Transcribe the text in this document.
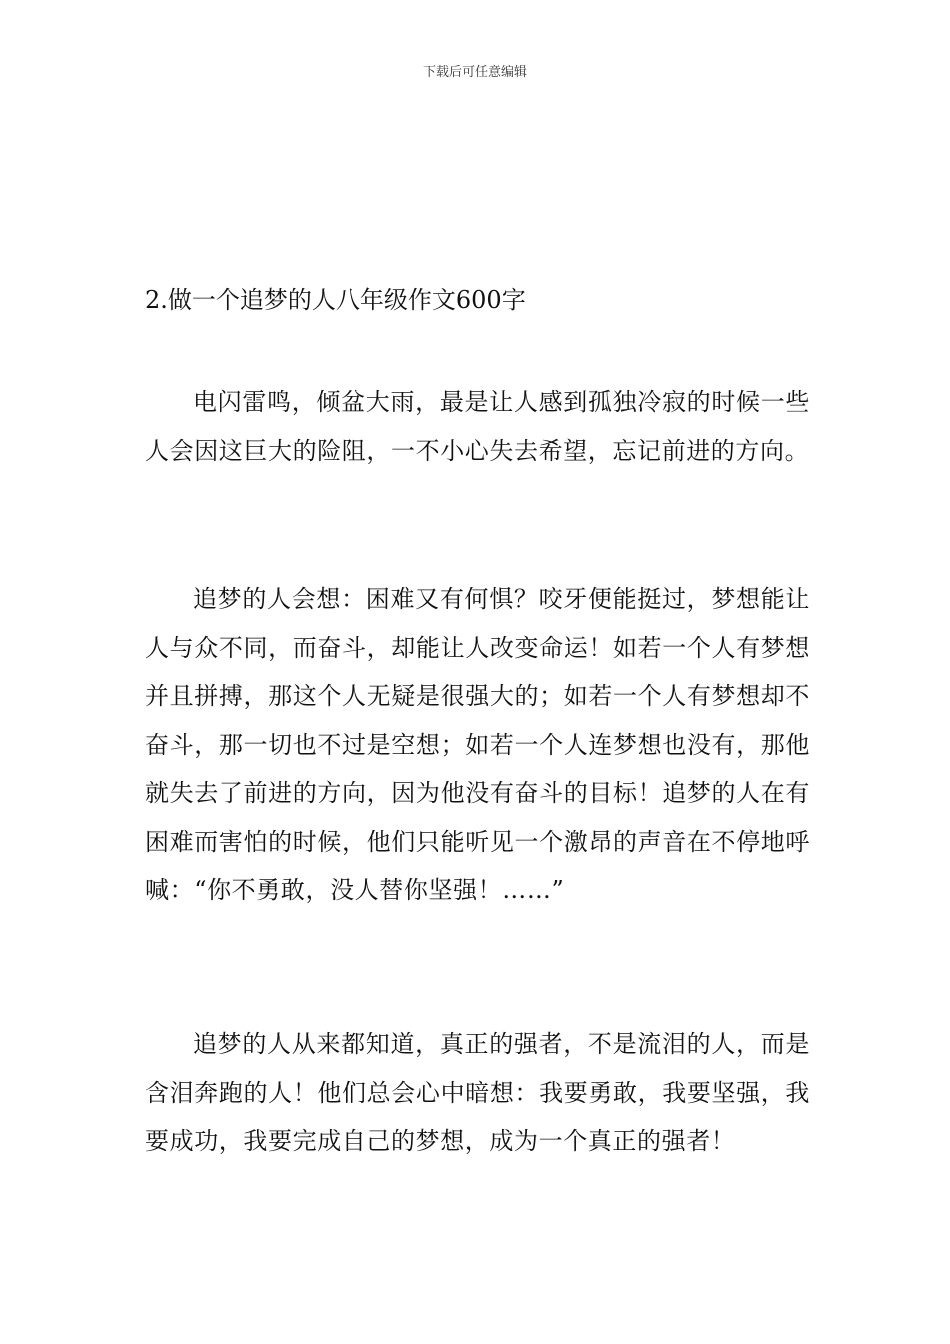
下载后可任意编辑
2.做一个追梦的人八年级作文600字

电闪雷鸣，倾盆大雨，最是让人感到孤独冷寂的时候一些人会因这巨大的险阻，一不小心失去希望，忘记前进的方向。

追梦的人会想：困难又有何惧？咬牙便能挺过，梦想能让人与众不同，而奋斗，却能让人改变命运！如若一个人有梦想并且拼搏，那这个人无疑是很强大的；如若一个人有梦想却不奋斗，那一切也不过是空想；如若一个人连梦想也没有，那他就失去了前进的方向，因为他没有奋斗的目标！追梦的人在有困难而害怕的时候，他们只能听见一个激昂的声音在不停地呼喊：“你不勇敢，没人替你坚强！……”

追梦的人从来都知道，真正的强者，不是流泪的人，而是含泪奔跑的人！他们总会心中暗想：我要勇敢，我要坚强，我要成功，我要完成自己的梦想，成为一个真正的强者！
